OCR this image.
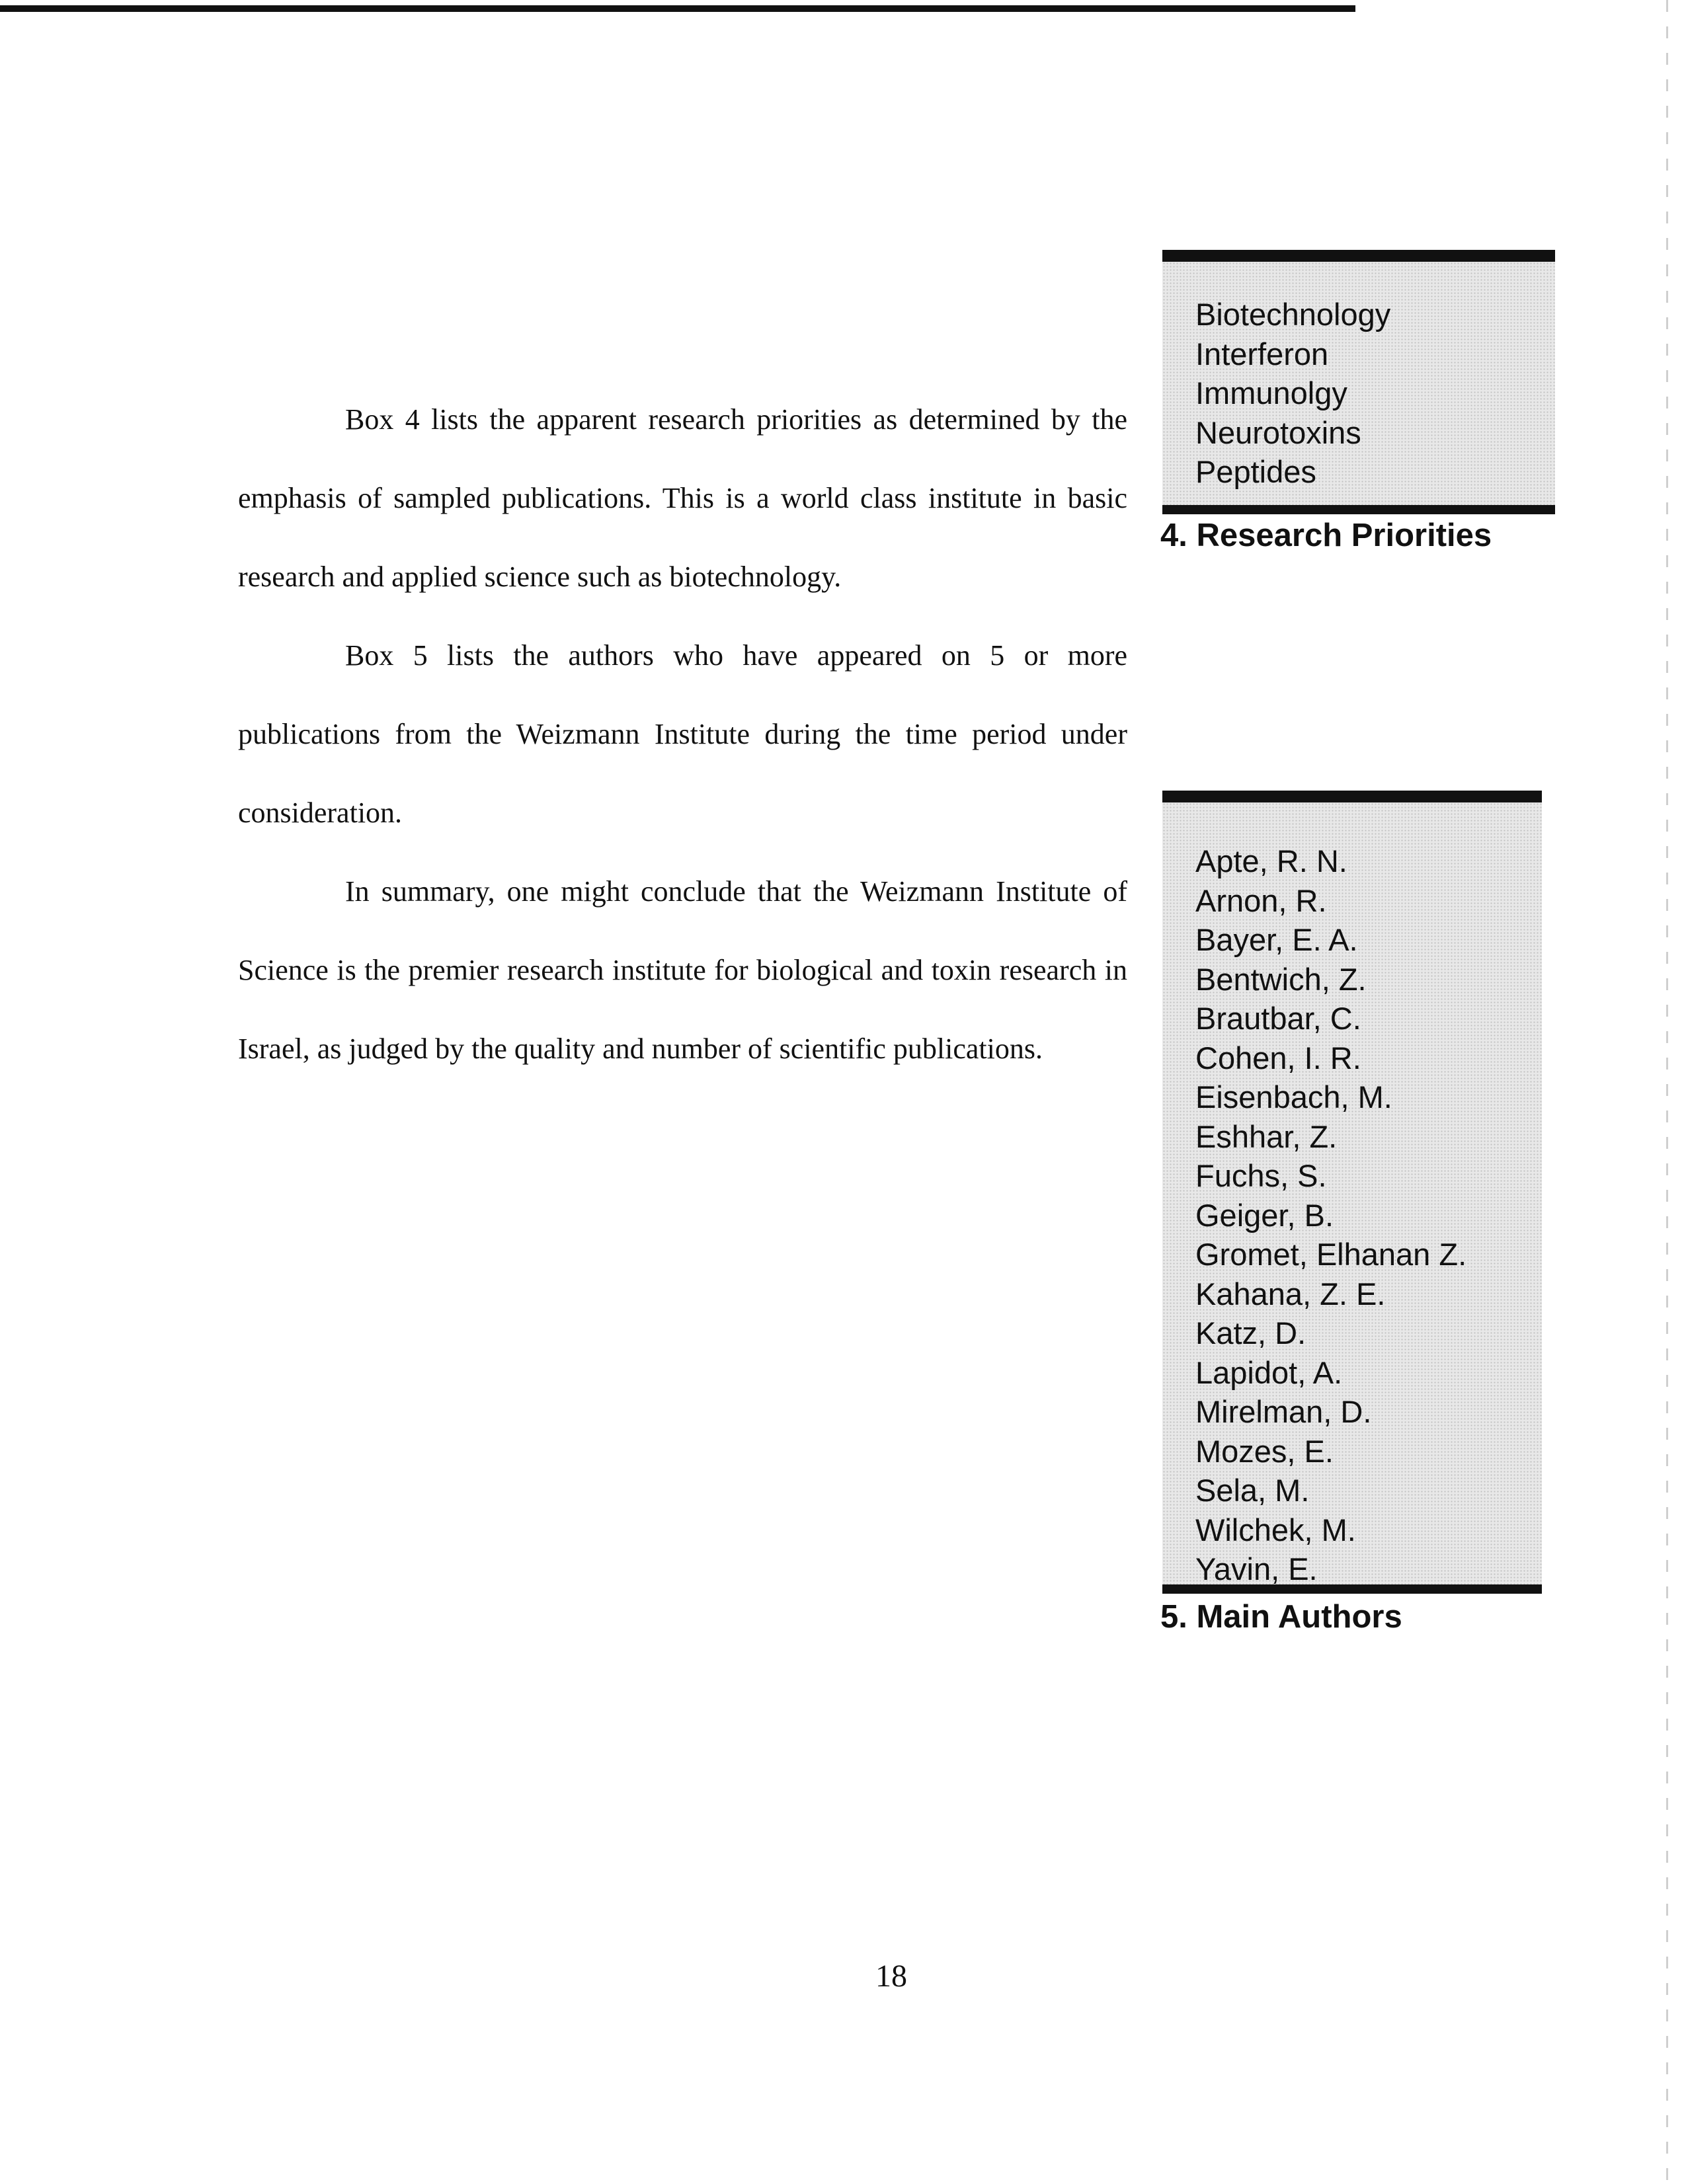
Box 4 lists the apparent research priorities as determined by the emphasis of sampled publications. This is a world class institute in basic research and applied science such as biotechnology.

Box 5 lists the authors who have appeared on 5 or more publications from the Weizmann Institute during the time period under consideration.

In summary, one might conclude that the Weizmann Institute of Science is the premier research institute for biological and toxin research in Israel, as judged by the quality and number of scientific publications.

Biotechnology
Interferon
Immunolgy
Neurotoxins
Peptides
4. Research Priorities
Apte, R. N.
Arnon, R.
Bayer, E. A.
Bentwich, Z.
Brautbar, C.
Cohen, I. R.
Eisenbach, M.
Eshhar, Z.
Fuchs, S.
Geiger, B.
Gromet, Elhanan Z.
Kahana, Z. E.
Katz, D.
Lapidot, A.
Mirelman, D.
Mozes, E.
Sela, M.
Wilchek, M.
Yavin, E.
5. Main Authors
18
